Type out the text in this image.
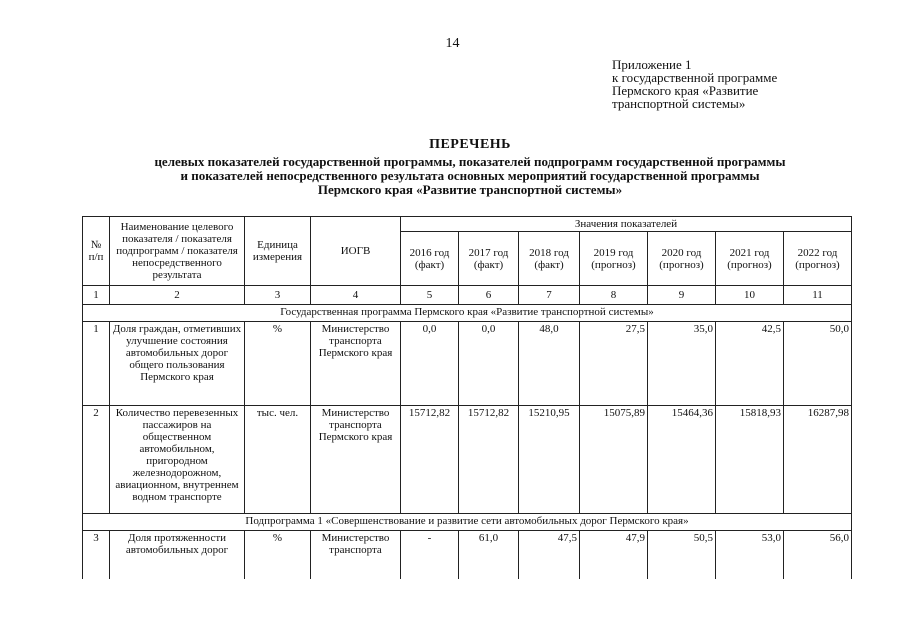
14
Приложение 1
к государственной программе
Пермского края «Развитие
транспортной системы»
ПЕРЕЧЕНЬ
целевых показателей государственной программы, показателей подпрограмм государственной программы
и показателей непосредственного результата основных мероприятий государственной программы
Пермского края «Развитие транспортной системы»
№ п/п	Наименование целевого показателя / показателя подпрограмм / показателя непосредственного результата	Единица измерения	ИОГВ	Значения показателей						
				2016 год (факт)	2017 год (факт)	2018 год (факт)	2019 год (прогноз)	2020 год (прогноз)	2021 год (прогноз)	2022 год (прогноз)
1	2	3	4	5	6	7	8	9	10	11
Государственная программа Пермского края «Развитие транспортной системы»										
1	Доля граждан, отметивших улучшение состояния автомобильных дорог общего пользования Пермского края	%	Министерство транспорта Пермского края	0,0	0,0	48,0	27,5	35,0	42,5	50,0
2	Количество перевезенных пассажиров на общественном автомобильном, пригородном железнодорожном, авиационном, внутреннем водном транспорте	тыс. чел.	Министерство транспорта Пермского края	15712,82	15712,82	15210,95	15075,89	15464,36	15818,93	16287,98
Подпрограмма 1 «Совершенствование и развитие сети автомобильных дорог Пермского края»										
3	Доля протяженности автомобильных дорог	%	Министерство транспорта	-	61,0	47,5	47,9	50,5	53,0	56,0
